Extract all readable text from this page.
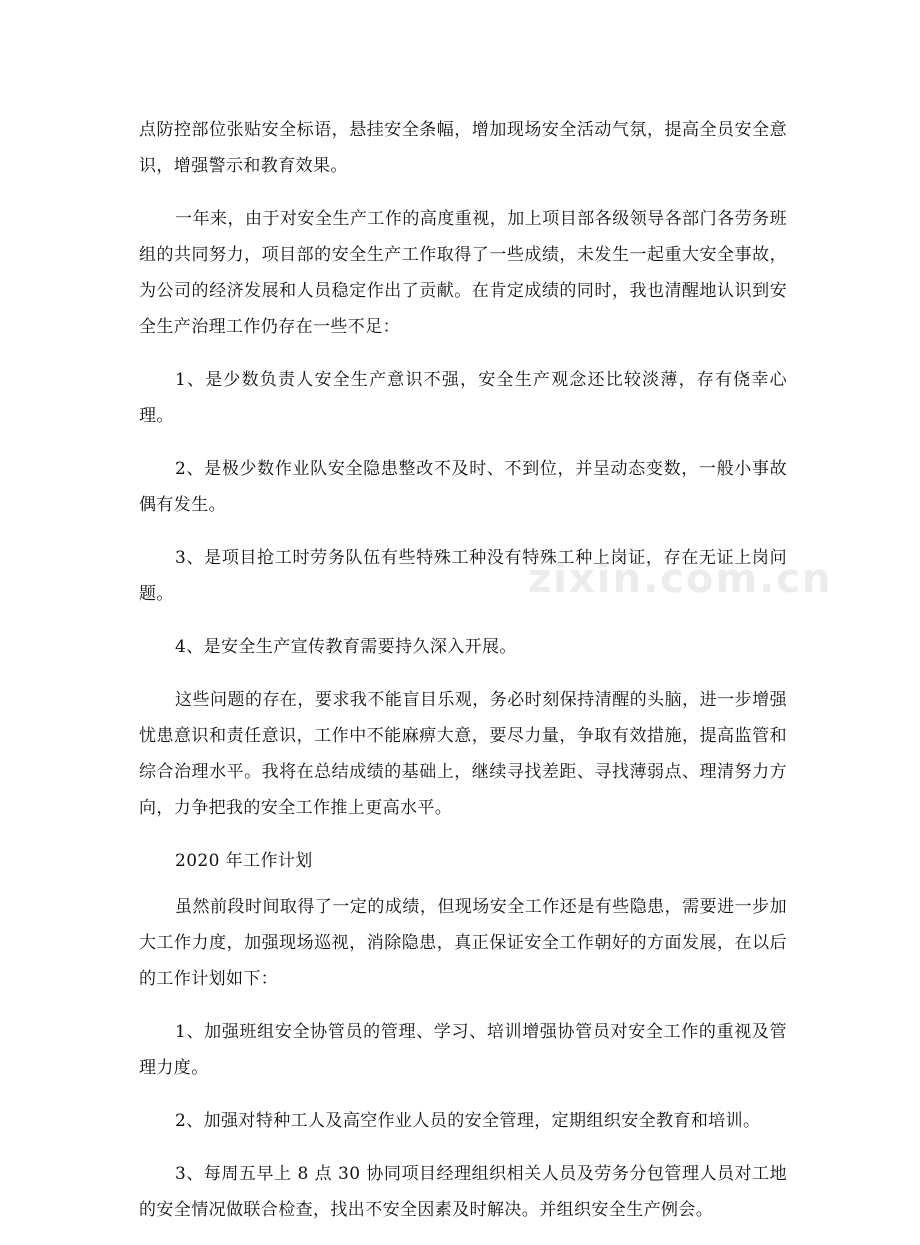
点防控部位张贴安全标语，悬挂安全条幅，增加现场安全活动气氛，提高全员安全意识，增强警示和教育效果。

一年来，由于对安全生产工作的高度重视，加上项目部各级领导各部门各劳务班组的共同努力，项目部的安全生产工作取得了一些成绩，未发生一起重大安全事故，为公司的经济发展和人员稳定作出了贡献。在肯定成绩的同时，我也清醒地认识到安全生产治理工作仍存在一些不足：

1、是少数负责人安全生产意识不强，安全生产观念还比较淡薄，存有侥幸心理。

2、是极少数作业队安全隐患整改不及时、不到位，并呈动态变数，一般小事故偶有发生。

3、是项目抢工时劳务队伍有些特殊工种没有特殊工种上岗证，存在无证上岗问题。

4、是安全生产宣传教育需要持久深入开展。

这些问题的存在，要求我不能盲目乐观，务必时刻保持清醒的头脑，进一步增强忧患意识和责任意识，工作中不能麻痹大意，要尽力量，争取有效措施，提高监管和综合治理水平。我将在总结成绩的基础上，继续寻找差距、寻找薄弱点、理清努力方向，力争把我的安全工作推上更高水平。

2020 年工作计划

虽然前段时间取得了一定的成绩，但现场安全工作还是有些隐患，需要进一步加大工作力度，加强现场巡视，消除隐患，真正保证安全工作朝好的方面发展，在以后的工作计划如下：

1、加强班组安全协管员的管理、学习、培训增强协管员对安全工作的重视及管理力度。

2、加强对特种工人及高空作业人员的安全管理，定期组织安全教育和培训。

3、每周五早上 8 点 30 协同项目经理组织相关人员及劳务分包管理人员对工地的安全情况做联合检查，找出不安全因素及时解决。并组织安全生产例会。

zixin.com.cn
